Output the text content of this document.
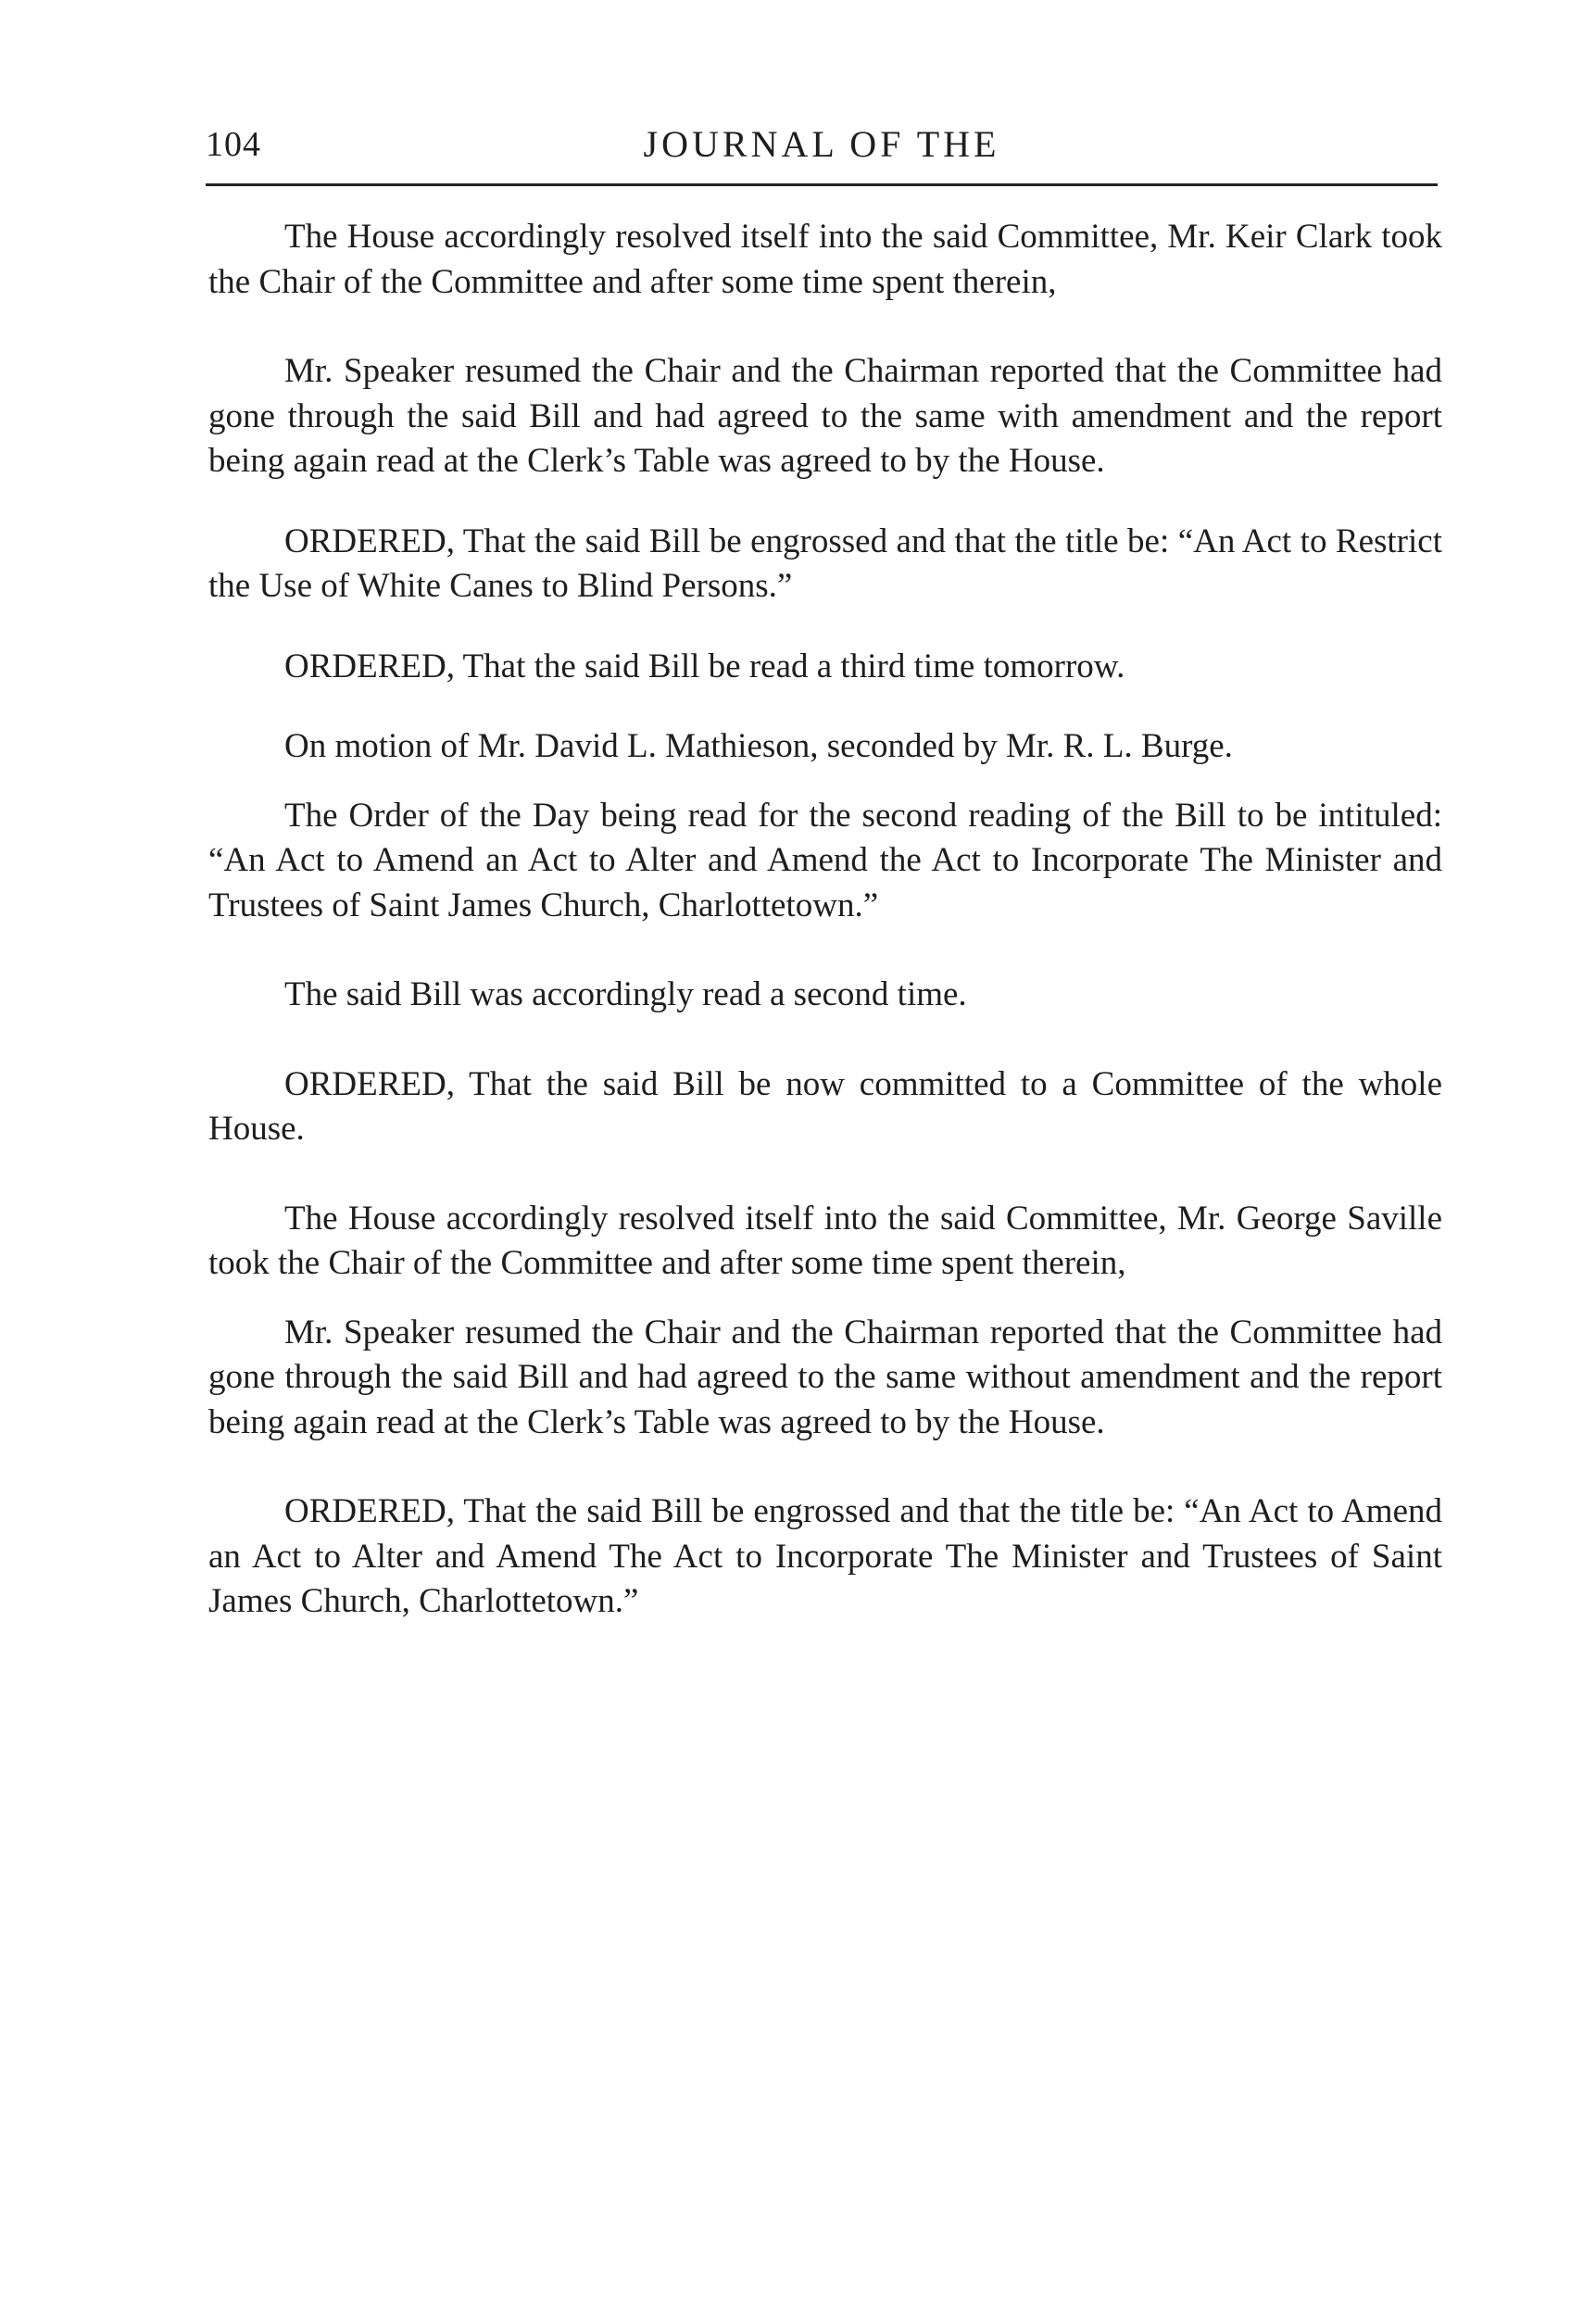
104	JOURNAL OF THE

The House accordingly resolved itself into the said Committee, Mr. Keir Clark took the Chair of the Committee and after some time spent therein,

Mr. Speaker resumed the Chair and the Chairman reported that the Committee had gone through the said Bill and had agreed to the same with amendment and the report being again read at the Clerk’s Table was agreed to by the House.

ORDERED, That the said Bill be engrossed and that the title be: “An Act to Restrict the Use of White Canes to Blind Persons.”

ORDERED, That the said Bill be read a third time tomorrow.

On motion of Mr. David L. Mathieson, seconded by Mr. R. L. Burge.

The Order of the Day being read for the second reading of the Bill to be intituled: “An Act to Amend an Act to Alter and Amend the Act to Incorporate The Minister and Trustees of Saint James Church, Charlottetown.”

The said Bill was accordingly read a second time.

ORDERED, That the said Bill be now committed to a Committee of the whole House.

The House accordingly resolved itself into the said Committee, Mr. George Saville took the Chair of the Committee and after some time spent therein,

Mr. Speaker resumed the Chair and the Chairman reported that the Committee had gone through the said Bill and had agreed to the same without amendment and the report being again read at the Clerk’s Table was agreed to by the House.

ORDERED, That the said Bill be engrossed and that the title be: “An Act to Amend an Act to Alter and Amend The Act to Incorporate The Minister and Trustees of Saint James Church, Charlottetown.”
